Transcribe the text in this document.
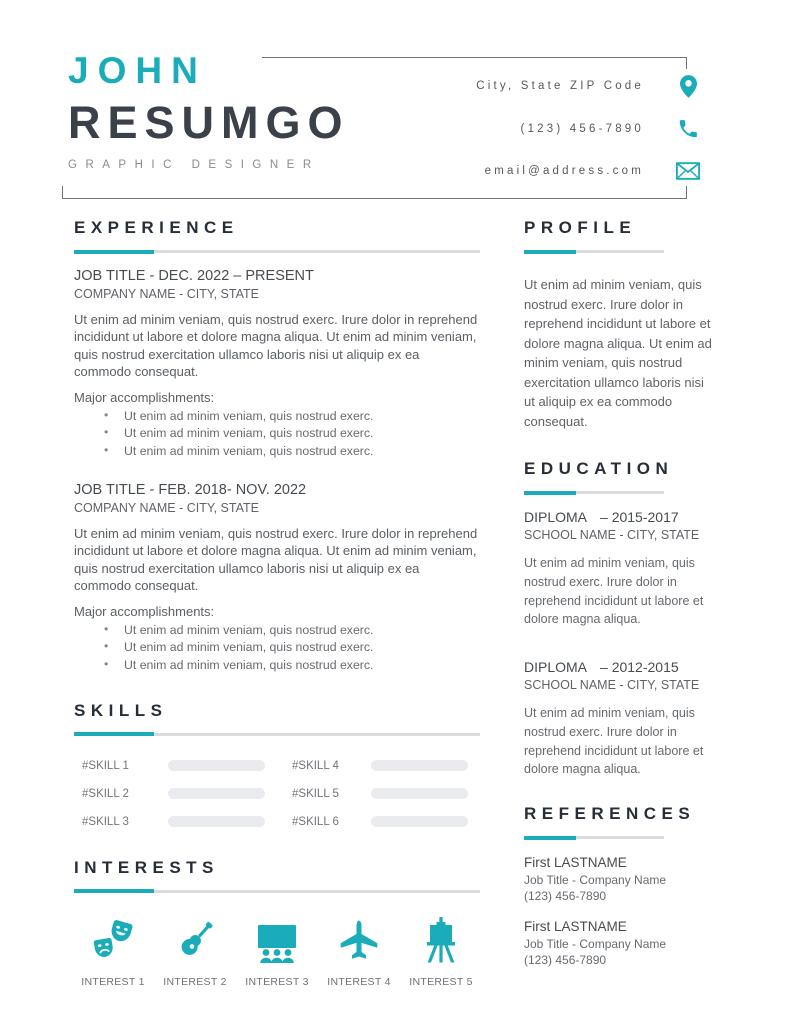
JOHN
RESUMGO
GRAPHIC DESIGNER
City, State ZIP Code
(123) 456-7890
email@address.com
EXPERIENCE
JOB TITLE - DEC. 2022 – PRESENT
COMPANY NAME - CITY, STATE
Ut enim ad minim veniam, quis nostrud exerc. Irure dolor in reprehend incididunt ut labore et dolore magna aliqua. Ut enim ad minim veniam, quis nostrud exercitation ullamco laboris nisi ut aliquip ex ea commodo consequat.
Major accomplishments:
• Ut enim ad minim veniam, quis nostrud exerc.
• Ut enim ad minim veniam, quis nostrud exerc.
• Ut enim ad minim veniam, quis nostrud exerc.
JOB TITLE - FEB. 2018- NOV. 2022
COMPANY NAME - CITY, STATE
Ut enim ad minim veniam, quis nostrud exerc. Irure dolor in reprehend incididunt ut labore et dolore magna aliqua. Ut enim ad minim veniam, quis nostrud exercitation ullamco laboris nisi ut aliquip ex ea commodo consequat.
Major accomplishments:
• Ut enim ad minim veniam, quis nostrud exerc.
• Ut enim ad minim veniam, quis nostrud exerc.
• Ut enim ad minim veniam, quis nostrud exerc.
SKILLS
#SKILL 1
#SKILL 2
#SKILL 3
#SKILL 4
#SKILL 5
#SKILL 6
INTERESTS
INTEREST 1 INTEREST 2 INTEREST 3 INTEREST 4 INTEREST 5
PROFILE
Ut enim ad minim veniam, quis nostrud exerc. Irure dolor in reprehend incididunt ut labore et dolore magna aliqua. Ut enim ad minim veniam, quis nostrud exercitation ullamco laboris nisi ut aliquip ex ea commodo consequat.
EDUCATION
DIPLOMA – 2015-2017
SCHOOL NAME - CITY, STATE
Ut enim ad minim veniam, quis nostrud exerc. Irure dolor in reprehend incididunt ut labore et dolore magna aliqua.
DIPLOMA – 2012-2015
SCHOOL NAME - CITY, STATE
Ut enim ad minim veniam, quis nostrud exerc. Irure dolor in reprehend incididunt ut labore et dolore magna aliqua.
REFERENCES
First LASTNAME
Job Title - Company Name
(123) 456-7890
First LASTNAME
Job Title - Company Name
(123) 456-7890
